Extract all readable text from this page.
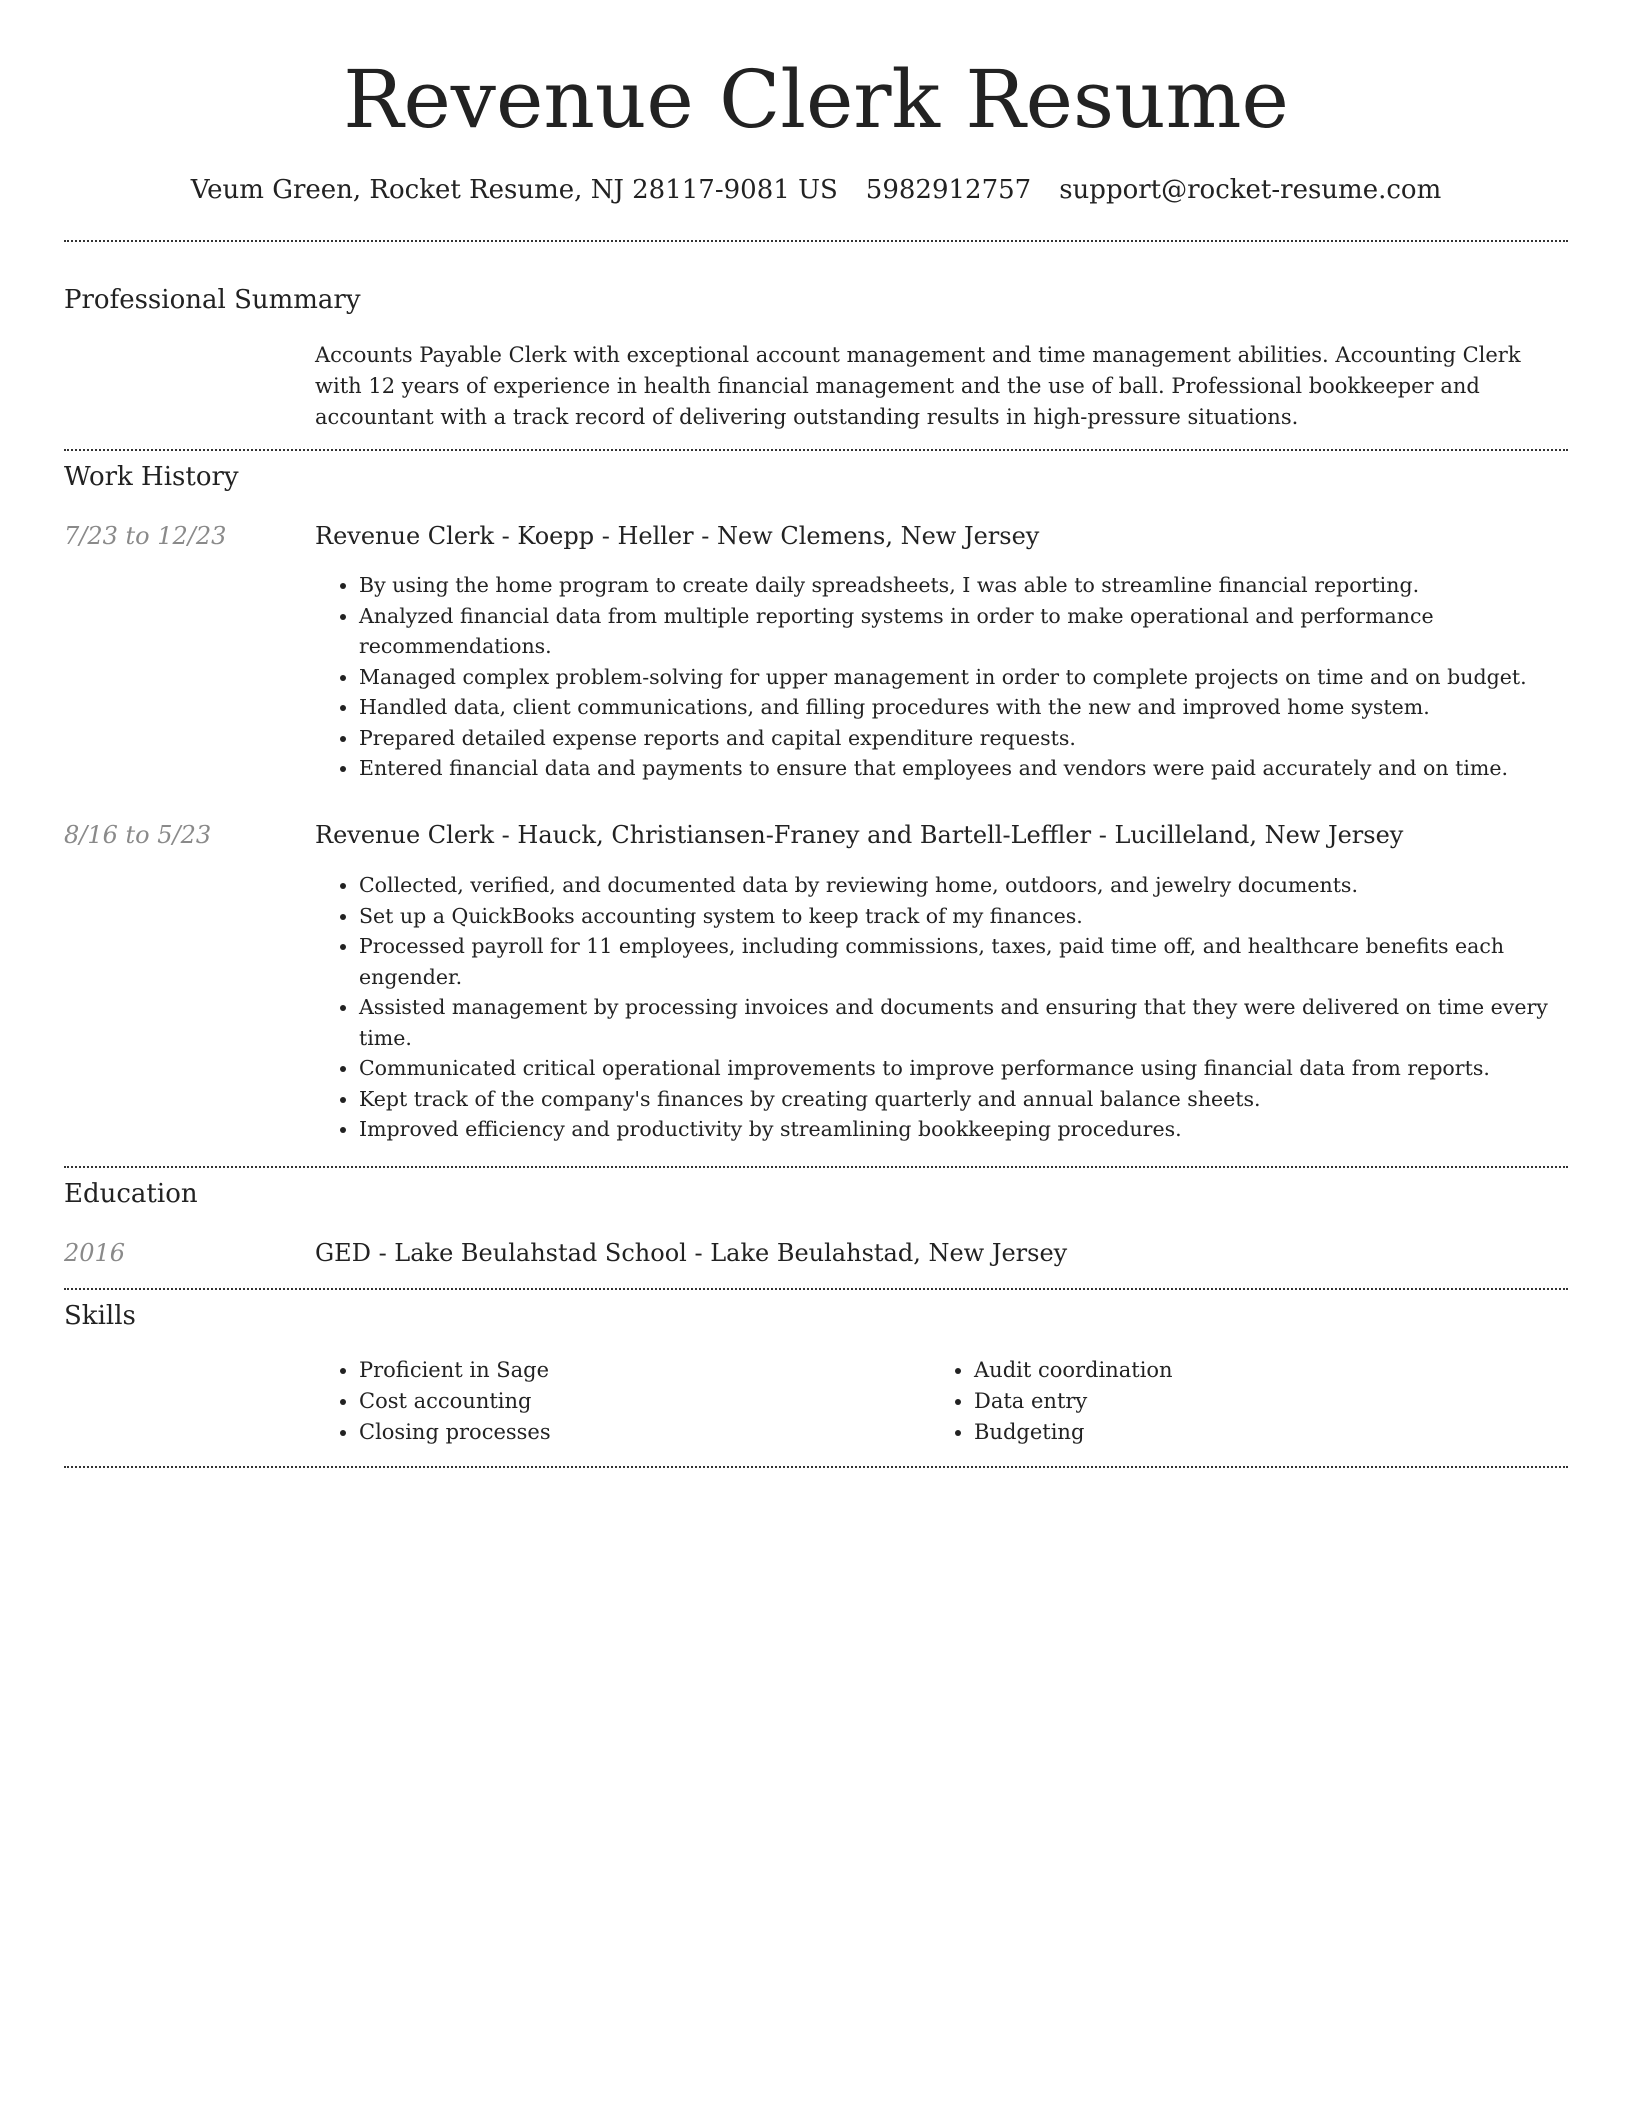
Revenue Clerk Resume
Veum Green, Rocket Resume, NJ 28117-9081 US 5982912757 support@rocket-resume.com
Professional Summary
Accounts Payable Clerk with exceptional account management and time management abilities. Accounting Clerk with 12 years of experience in health financial management and the use of ball. Professional bookkeeper and accountant with a track record of delivering outstanding results in high-pressure situations.
Work History
7/23 to 12/23	Revenue Clerk - Koepp - Heller - New Clemens, New Jersey
• By using the home program to create daily spreadsheets, I was able to streamline financial reporting.
• Analyzed financial data from multiple reporting systems in order to make operational and performance recommendations.
• Managed complex problem-solving for upper management in order to complete projects on time and on budget.
• Handled data, client communications, and filling procedures with the new and improved home system.
• Prepared detailed expense reports and capital expenditure requests.
• Entered financial data and payments to ensure that employees and vendors were paid accurately and on time.
8/16 to 5/23	Revenue Clerk - Hauck, Christiansen-Franey and Bartell-Leffler - Lucilleland, New Jersey
• Collected, verified, and documented data by reviewing home, outdoors, and jewelry documents.
• Set up a QuickBooks accounting system to keep track of my finances.
• Processed payroll for 11 employees, including commissions, taxes, paid time off, and healthcare benefits each engender.
• Assisted management by processing invoices and documents and ensuring that they were delivered on time every time.
• Communicated critical operational improvements to improve performance using financial data from reports.
• Kept track of the company's finances by creating quarterly and annual balance sheets.
• Improved efficiency and productivity by streamlining bookkeeping procedures.
Education
2016	GED - Lake Beulahstad School - Lake Beulahstad, New Jersey
Skills
• Proficient in Sage
• Cost accounting
• Closing processes
• Audit coordination
• Data entry
• Budgeting
